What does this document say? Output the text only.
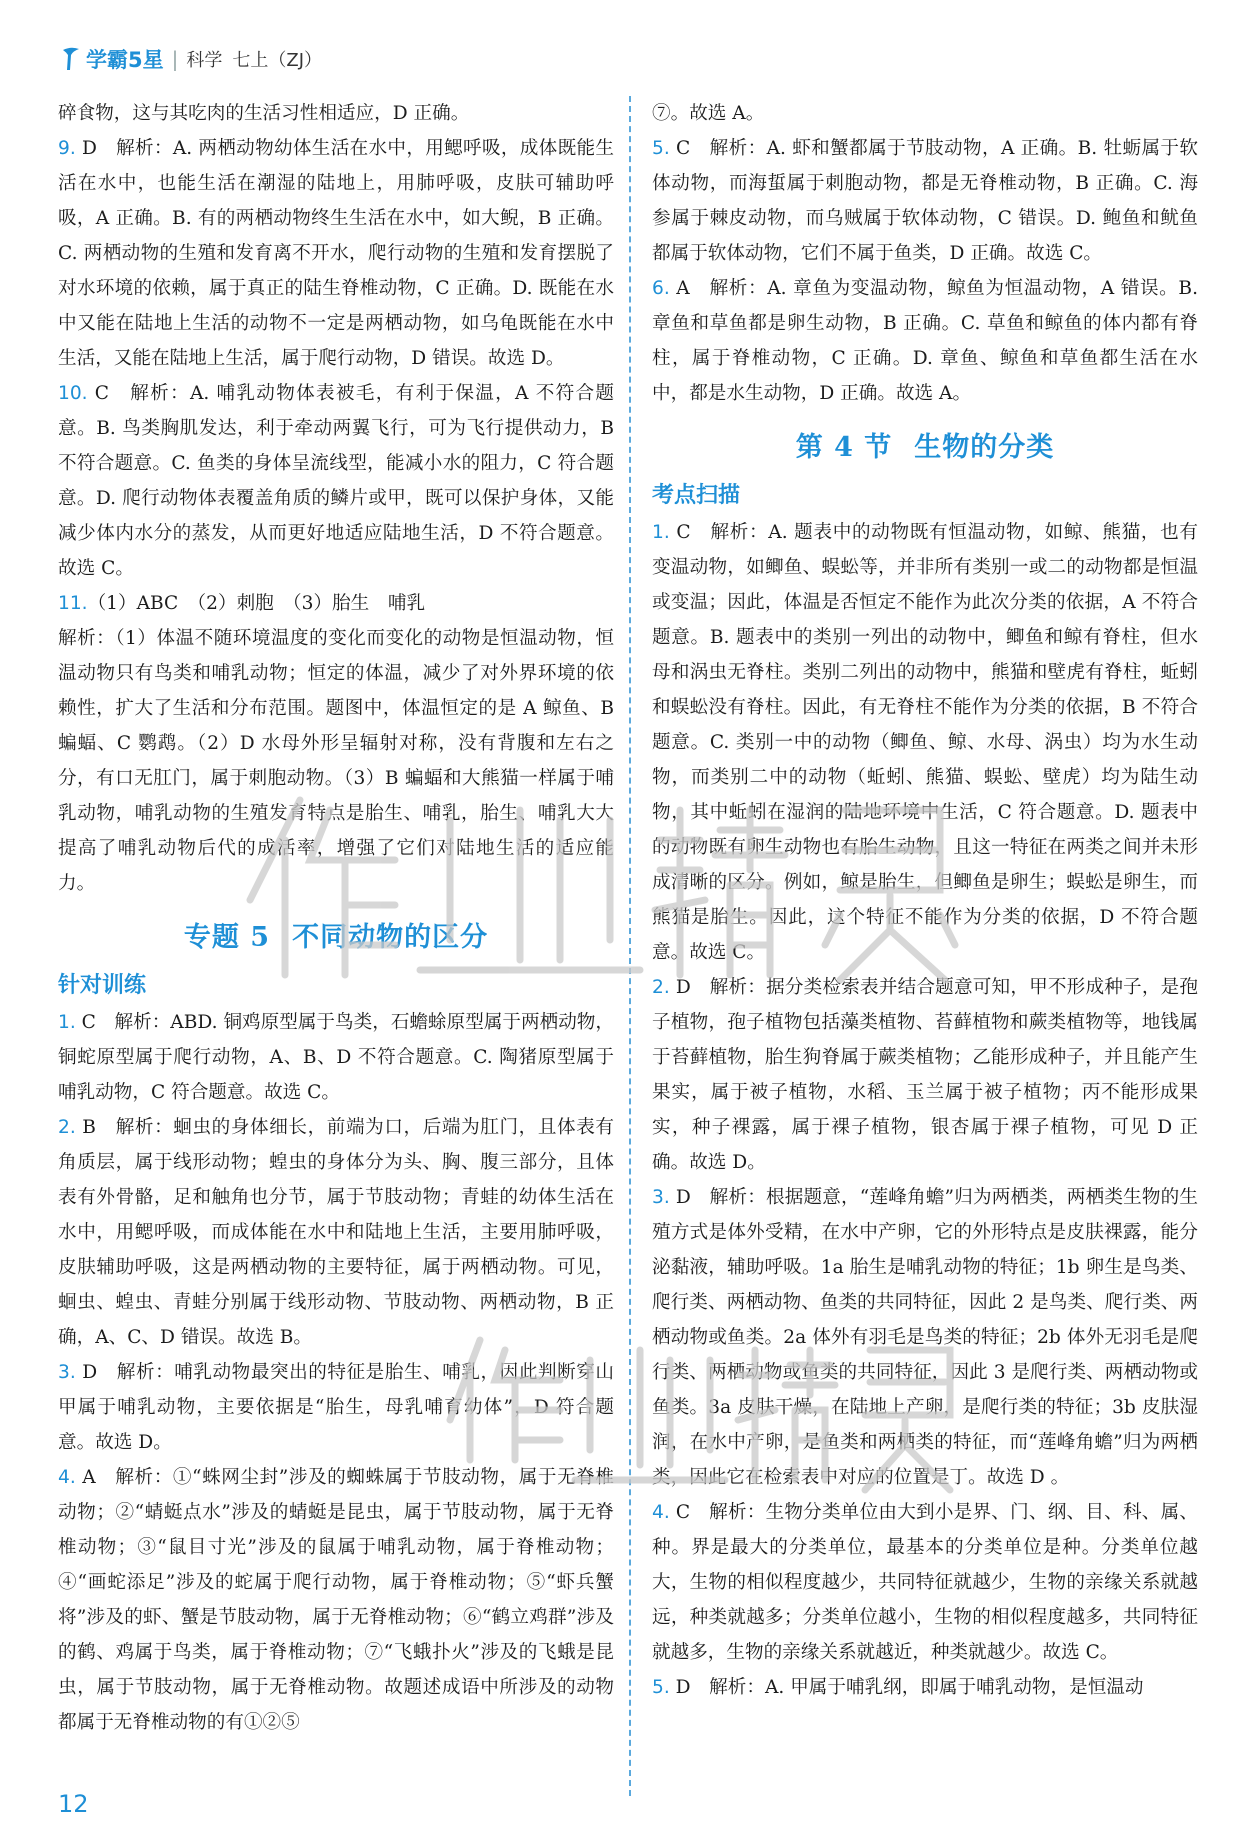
学霸5星 | 科学 七上（ZJ）

碎食物，这与其吃肉的生活习性相适应，D 正确。

9. D　解析：A. 两栖动物幼体生活在水中，用鳃呼吸，成体既能生活在水中，也能生活在潮湿的陆地上，用肺呼吸，皮肤可辅助呼吸，A 正确。B. 有的两栖动物终生生活在水中，如大鲵，B 正确。C. 两栖动物的生殖和发育离不开水，爬行动物的生殖和发育摆脱了对水环境的依赖，属于真正的陆生脊椎动物，C 正确。D. 既能在水中又能在陆地上生活的动物不一定是两栖动物，如乌龟既能在水中生活，又能在陆地上生活，属于爬行动物，D 错误。故选 D。

10. C　解析：A. 哺乳动物体表被毛，有利于保温，A 不符合题意。B. 鸟类胸肌发达，利于牵动两翼飞行，可为飞行提供动力，B 不符合题意。C. 鱼类的身体呈流线型，能减小水的阻力，C 符合题意。D. 爬行动物体表覆盖角质的鳞片或甲，既可以保护身体，又能减少体内水分的蒸发，从而更好地适应陆地生活，D 不符合题意。故选 C。

11.（1）ABC　（2）刺胞　（3）胎生　哺乳

解析：（1）体温不随环境温度的变化而变化的动物是恒温动物，恒温动物只有鸟类和哺乳动物；恒定的体温，减少了对外界环境的依赖性，扩大了生活和分布范围。题图中，体温恒定的是 A 鲸鱼、B 蝙蝠、C 鹦鹉。（2）D 水母外形呈辐射对称，没有背腹和左右之分，有口无肛门，属于刺胞动物。（3）B 蝙蝠和大熊猫一样属于哺乳动物，哺乳动物的生殖发育特点是胎生、哺乳，胎生、哺乳大大提高了哺乳动物后代的成活率，增强了它们对陆地生活的适应能力。

专题 5 不同动物的区分
针对训练

1. C　解析：ABD. 铜鸡原型属于鸟类，石蟾蜍原型属于两栖动物，铜蛇原型属于爬行动物，A、B、D 不符合题意。C. 陶猪原型属于哺乳动物，C 符合题意。故选 C。

2. B　解析：蛔虫的身体细长，前端为口，后端为肛门，且体表有角质层，属于线形动物；蝗虫的身体分为头、胸、腹三部分，且体表有外骨骼，足和触角也分节，属于节肢动物；青蛙的幼体生活在水中，用鳃呼吸，而成体能在水中和陆地上生活，主要用肺呼吸，皮肤辅助呼吸，这是两栖动物的主要特征，属于两栖动物。可见，蛔虫、蝗虫、青蛙分别属于线形动物、节肢动物、两栖动物，B 正确，A、C、D 错误。故选 B。

3. D　解析：哺乳动物最突出的特征是胎生、哺乳，因此判断穿山甲属于哺乳动物，主要依据是“胎生，母乳哺育幼体”，D 符合题意。故选 D。

4. A　解析：①“蛛网尘封”涉及的蜘蛛属于节肢动物，属于无脊椎动物；②“蜻蜓点水”涉及的蜻蜓是昆虫，属于节肢动物，属于无脊椎动物；③“鼠目寸光”涉及的鼠属于哺乳动物，属于脊椎动物；④“画蛇添足”涉及的蛇属于爬行动物，属于脊椎动物；⑤“虾兵蟹将”涉及的虾、蟹是节肢动物，属于无脊椎动物；⑥“鹤立鸡群”涉及的鹤、鸡属于鸟类，属于脊椎动物；⑦“飞蛾扑火”涉及的飞蛾是昆虫，属于节肢动物，属于无脊椎动物。故题述成语中所涉及的动物都属于无脊椎动物的有①②⑤

⑦。故选 A。

5. C　解析：A. 虾和蟹都属于节肢动物，A 正确。B. 牡蛎属于软体动物，而海蜇属于刺胞动物，都是无脊椎动物，B 正确。C. 海参属于棘皮动物，而乌贼属于软体动物，C 错误。D. 鲍鱼和鱿鱼都属于软体动物，它们不属于鱼类，D 正确。故选 C。

6. A　解析：A. 章鱼为变温动物，鲸鱼为恒温动物，A 错误。B. 章鱼和草鱼都是卵生动物，B 正确。C. 草鱼和鲸鱼的体内都有脊柱，属于脊椎动物，C 正确。D. 章鱼、鲸鱼和草鱼都生活在水中，都是水生动物，D 正确。故选 A。

第 4 节 生物的分类
考点扫描

1. C　解析：A. 题表中的动物既有恒温动物，如鲸、熊猫，也有变温动物，如鲫鱼、蜈蚣等，并非所有类别一或二的动物都是恒温或变温；因此，体温是否恒定不能作为此次分类的依据，A 不符合题意。B. 题表中的类别一列出的动物中，鲫鱼和鲸有脊柱，但水母和涡虫无脊柱。类别二列出的动物中，熊猫和壁虎有脊柱，蚯蚓和蜈蚣没有脊柱。因此，有无脊柱不能作为分类的依据，B 不符合题意。C. 类别一中的动物（鲫鱼、鲸、水母、涡虫）均为水生动物，而类别二中的动物（蚯蚓、熊猫、蜈蚣、壁虎）均为陆生动物，其中蚯蚓在湿润的陆地环境中生活，C 符合题意。D. 题表中的动物既有卵生动物也有胎生动物，且这一特征在两类之间并未形成清晰的区分。例如，鲸是胎生，但鲫鱼是卵生；蜈蚣是卵生，而熊猫是胎生。因此，这个特征不能作为分类的依据，D 不符合题意。故选 C。

2. D　解析：据分类检索表并结合题意可知，甲不形成种子，是孢子植物，孢子植物包括藻类植物、苔藓植物和蕨类植物等，地钱属于苔藓植物，胎生狗脊属于蕨类植物；乙能形成种子，并且能产生果实，属于被子植物，水稻、玉兰属于被子植物；丙不能形成果实，种子裸露，属于裸子植物，银杏属于裸子植物，可见 D 正确。故选 D。

3. D　解析：根据题意，“莲峰角蟾”归为两栖类，两栖类生物的生殖方式是体外受精，在水中产卵，它的外形特点是皮肤裸露，能分泌黏液，辅助呼吸。1a 胎生是哺乳动物的特征；1b 卵生是鸟类、爬行类、两栖动物、鱼类的共同特征，因此 2 是鸟类、爬行类、两栖动物或鱼类。2a 体外有羽毛是鸟类的特征；2b 体外无羽毛是爬行类、两栖动物或鱼类的共同特征，因此 3 是爬行类、两栖动物或鱼类。3a 皮肤干燥，在陆地上产卵，是爬行类的特征；3b 皮肤湿润，在水中产卵，是鱼类和两栖类的特征，而“莲峰角蟾”归为两栖类，因此它在检索表中对应的位置是丁。故选 D 。

4. C　解析：生物分类单位由大到小是界、门、纲、目、科、属、种。界是最大的分类单位，最基本的分类单位是种。分类单位越大，生物的相似程度越少，共同特征就越少，生物的亲缘关系就越远，种类就越多；分类单位越小，生物的相似程度越多，共同特征就越多，生物的亲缘关系就越近，种类就越少。故选 C。

5. D　解析：A. 甲属于哺乳纲，即属于哺乳动物，是恒温动

12
